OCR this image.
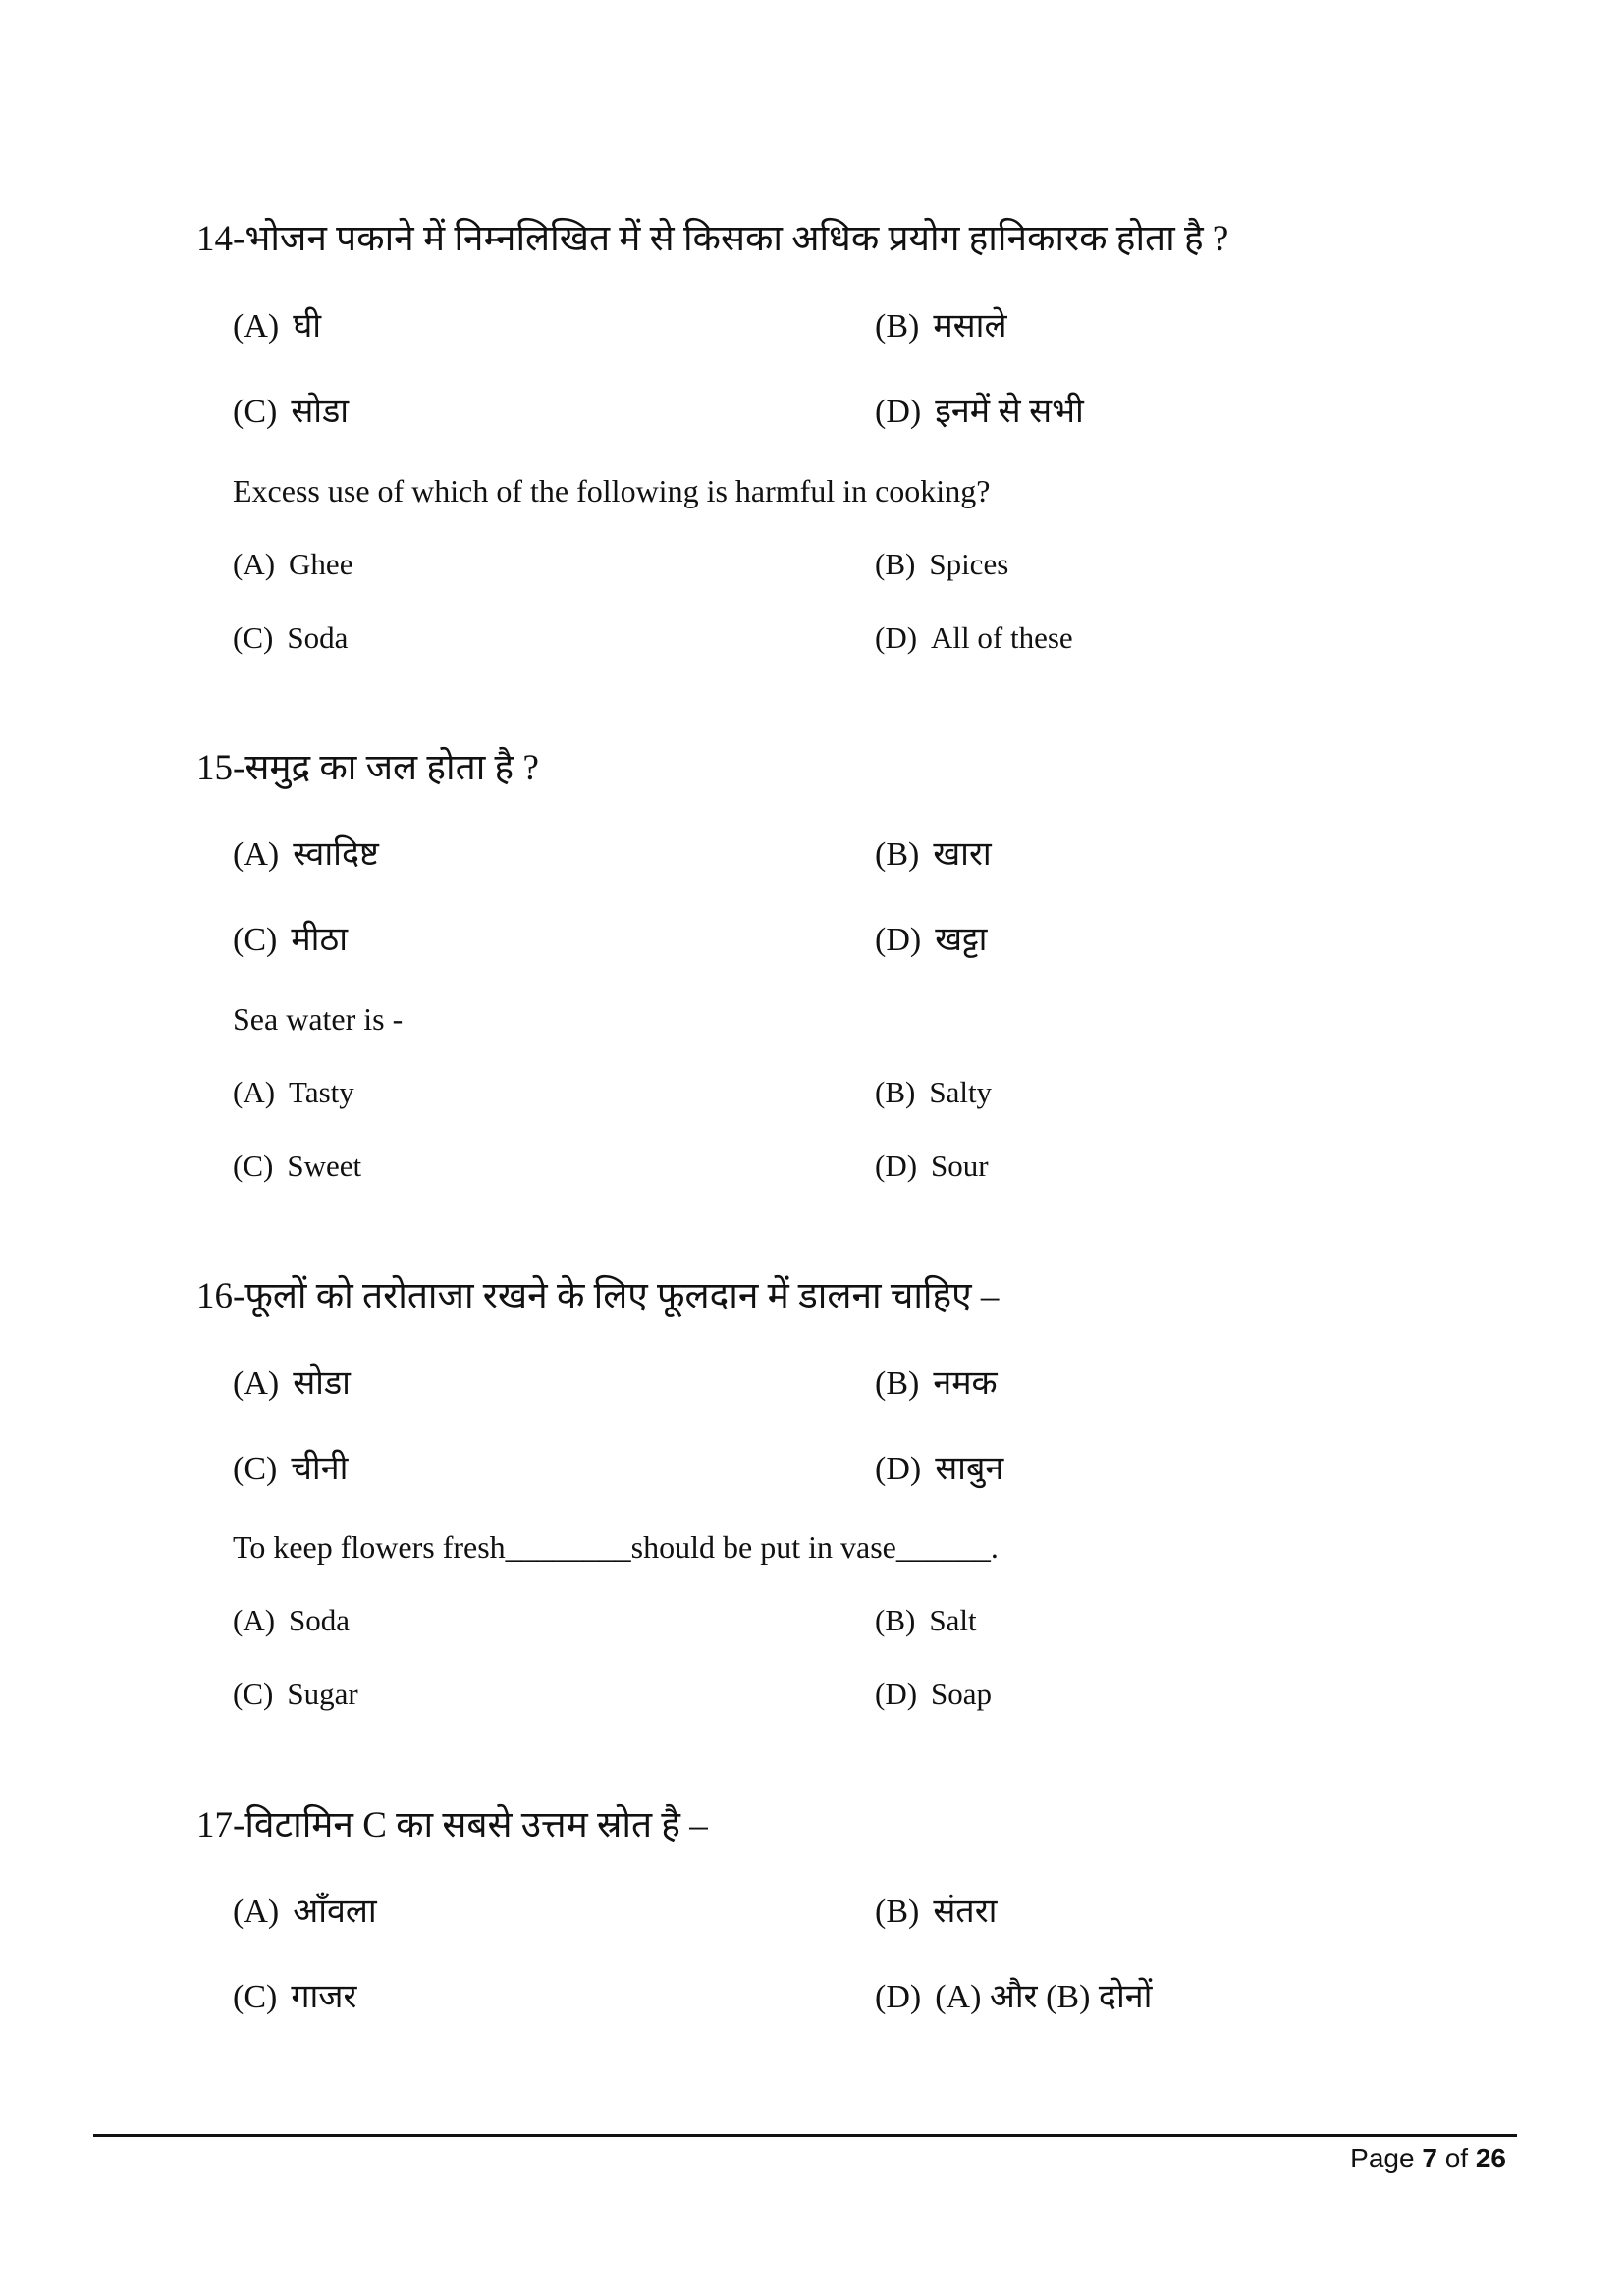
14-भोजन पकाने में निम्नलिखित में से किसका अधिक प्रयोग हानिकारक होता है ?
(A) घी	(B) मसाले
(C) सोडा	(D) इनमें से सभी
Excess use of which of the following is harmful in cooking?
(A) Ghee	(B) Spices
(C) Soda	(D) All of these
15-समुद्र का जल होता है ?
(A) स्वादिष्ट	(B) खारा
(C) मीठा	(D) खट्टा
Sea water is -
(A) Tasty	(B) Salty
(C) Sweet	(D) Sour
16-फूलों को तरोताजा रखने के लिए फूलदान में डालना चाहिए –
(A) सोडा	(B) नमक
(C) चीनी	(D) साबुन
To keep flowers fresh________should be put in vase______.
(A) Soda	(B) Salt
(C) Sugar	(D) Soap
17-विटामिन C का सबसे उत्तम स्रोत है –
(A) आँवला	(B) संतरा
(C) गाजर	(D) (A) और (B) दोनों
Page 7 of 26
